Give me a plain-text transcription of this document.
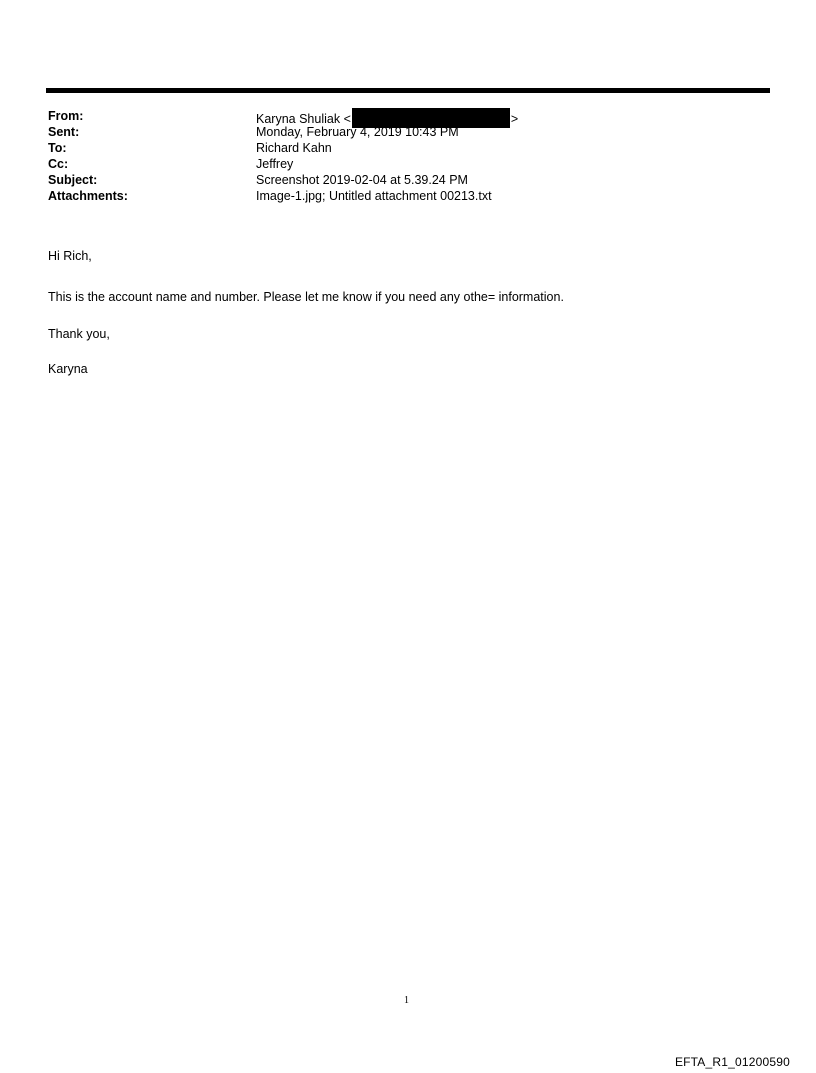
From:	Karyna Shuliak <	>
Sent:	Monday, February 4, 2019 10:43 PM
To:	Richard Kahn
Cc:	Jeffrey
Subject:	Screenshot 2019-02-04 at 5.39.24 PM
Attachments:	Image-1.jpg; Untitled attachment 00213.txt
Hi Rich,
This is the account name and number. Please let me know if you need any othe= information.
Thank you,
Karyna
1
EFTA_R1_01200590
